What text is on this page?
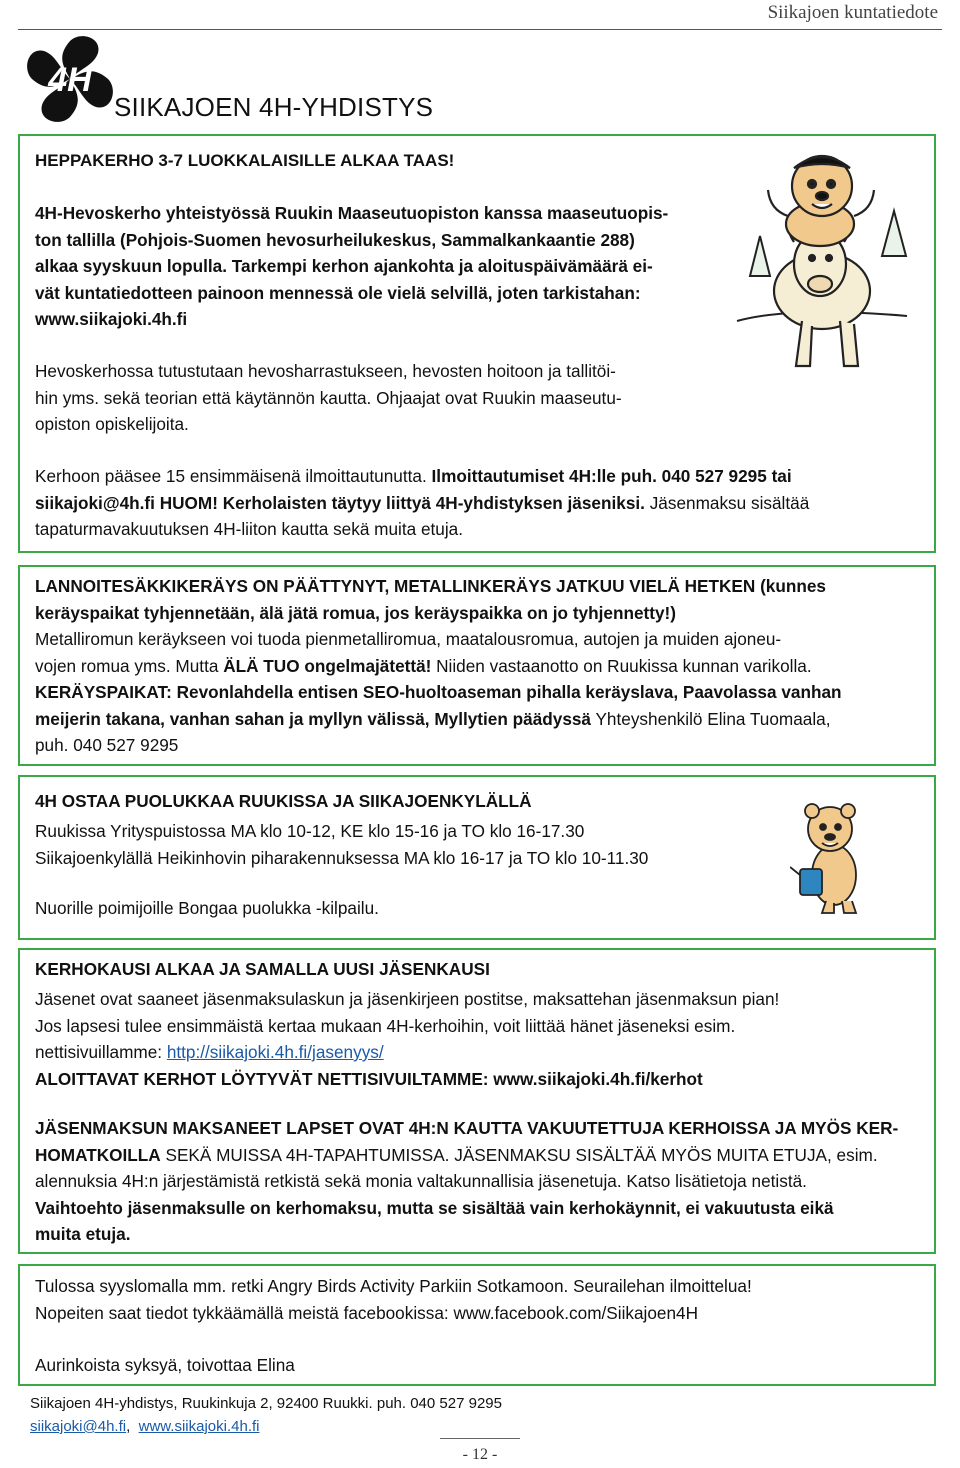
Siikajoen kuntatiedote
4H
SIIKAJOEN 4H-YHDISTYS

HEPPAKERHO 3-7 LUOKKALAISILLE ALKAA TAAS!

4H-Hevoskerho yhteistyössä Ruukin Maaseutuopiston kanssa maaseutuopis-

ton tallilla (Pohjois-Suomen hevosurheilukeskus, Sammalkankaantie 288)

alkaa syyskuun lopulla. Tarkempi kerhon ajankohta ja aloituspäivämäärä ei-

vät kuntatiedotteen painoon mennessä ole vielä selvillä, joten tarkistahan:

www.siikajoki.4h.fi

Hevoskerhossa tutustutaan hevosharrastukseen, hevosten hoitoon ja tallitöi-

hin yms. sekä teorian että käytännön kautta. Ohjaajat ovat Ruukin maaseutu-

opiston opiskelijoita.

Kerhoon pääsee 15 ensimmäisenä ilmoittautunutta. Ilmoittautumiset 4H:lle puh. 040 527 9295 tai

siikajoki@4h.fi HUOM! Kerholaisten täytyy liittyä 4H-yhdistyksen jäseniksi. Jäsenmaksu sisältää

tapaturmavakuutuksen 4H-liiton kautta sekä muita etuja.

LANNOITESÄKKIKERÄYS ON PÄÄTTYNYT, METALLINKERÄYS JATKUU VIELÄ HETKEN (kunnes

keräyspaikat tyhjennetään, älä jätä romua, jos keräyspaikka on jo tyhjennetty!)

Metalliromun keräykseen voi tuoda pienmetalliromua, maatalousromua, autojen ja muiden ajoneu-

vojen romua yms. Mutta ÄLÄ TUO ongelmajätettä! Niiden vastaanotto on Ruukissa kunnan varikolla.

KERÄYSPAIKAT: Revonlahdella entisen SEO-huoltoaseman pihalla keräyslava, Paavolassa vanhan

meijerin takana, vanhan sahan ja myllyn välissä, Myllytien päädyssä Yhteyshenkilö Elina Tuomaala,

puh. 040 527 9295

4H OSTAA PUOLUKKAA RUUKISSA JA SIIKAJOENKYLÄLLÄ

Ruukissa Yrityspuistossa MA klo 10-12, KE klo 15-16 ja TO klo 16-17.30

Siikajoenkylällä Heikinhovin piharakennuksessa MA klo 16-17 ja TO klo 10-11.30

Nuorille poimijoille Bongaa puolukka -kilpailu.

KERHOKAUSI ALKAA JA SAMALLA UUSI JÄSENKAUSI

Jäsenet ovat saaneet jäsenmaksulaskun ja jäsenkirjeen postitse, maksattehan jäsenmaksun pian!

Jos lapsesi tulee ensimmäistä kertaa mukaan 4H-kerhoihin, voit liittää hänet jäseneksi esim.

nettisivuillamme: http://siikajoki.4h.fi/jasenyys/

ALOITTAVAT KERHOT LÖYTYVÄT NETTISIVUILTAMME: www.siikajoki.4h.fi/kerhot

JÄSENMAKSUN MAKSANEET LAPSET OVAT 4H:N KAUTTA VAKUUTETTUJA KERHOISSA JA MYÖS KER-

HOMATKOILLA SEKÄ MUISSA 4H-TAPAHTUMISSA. JÄSENMAKSU SISÄLTÄÄ MYÖS MUITA ETUJA, esim.

alennuksia 4H:n järjestämistä retkistä sekä monia valtakunnallisia jäsenetuja. Katso lisätietoja netistä.

Vaihtoehto jäsenmaksulle on kerhomaksu, mutta se sisältää vain kerhokäynnit, ei vakuutusta eikä

muita etuja.

Tulossa syyslomalla mm. retki Angry Birds Activity Parkiin Sotkamoon. Seurailehan ilmoittelua!

Nopeiten saat tiedot tykkäämällä meistä facebookissa: www.facebook.com/Siikajoen4H

Aurinkoista syksyä, toivottaa Elina

Siikajoen 4H-yhdistys, Ruukinkuja 2, 92400 Ruukki. puh. 040 527 9295
siikajoki@4h.fi,  www.siikajoki.4h.fi
- 12 -
